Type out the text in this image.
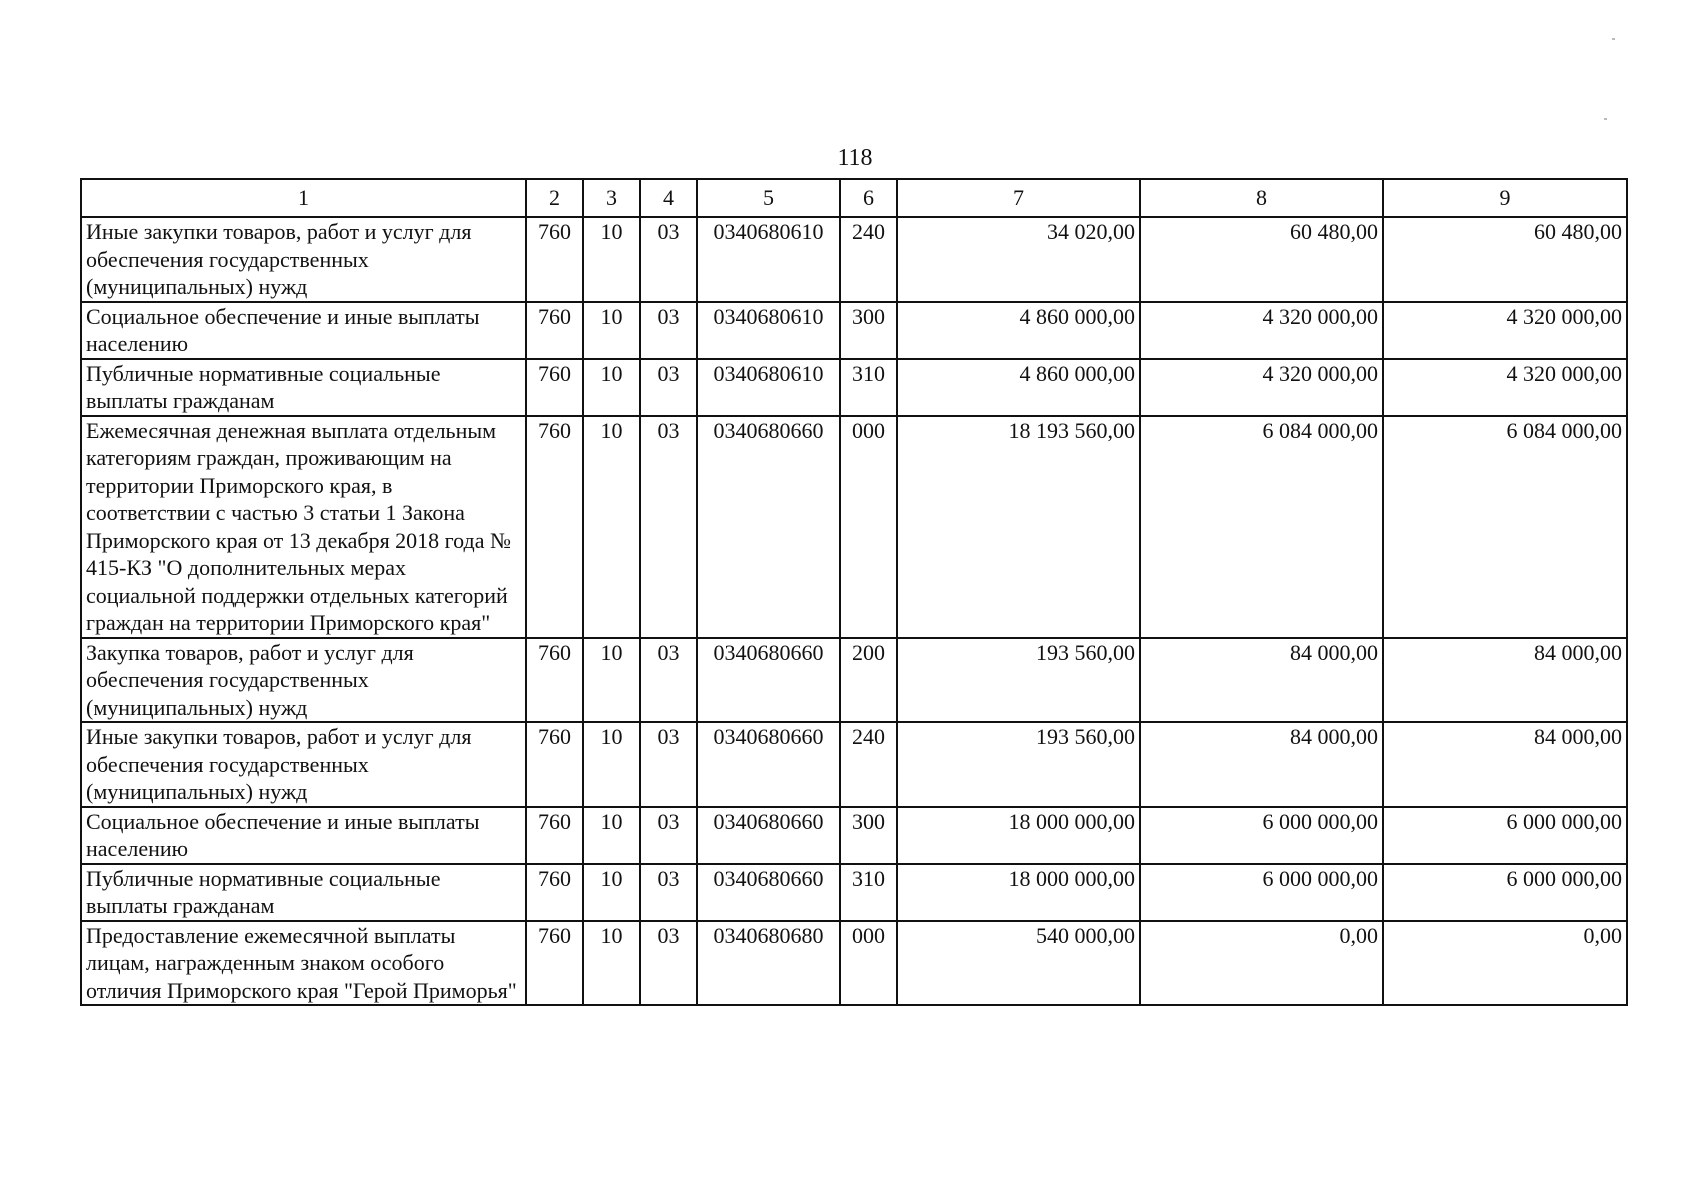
118
1	2	3	4	5	6	7	8	9
Иные закупки товаров, работ и услуг для обеспечения государственных (муниципальных) нужд	760	10	03	0340680610	240	34 020,00	60 480,00	60 480,00
Социальное обеспечение и иные выплаты населению	760	10	03	0340680610	300	4 860 000,00	4 320 000,00	4 320 000,00
Публичные нормативные социальные выплаты гражданам	760	10	03	0340680610	310	4 860 000,00	4 320 000,00	4 320 000,00
Ежемесячная денежная выплата отдельным категориям граждан, проживающим на территории Приморского края, в соответствии с частью 3 статьи 1 Закона Приморского края от 13 декабря 2018 года № 415-КЗ "О дополнительных мерах социальной поддержки отдельных категорий граждан на территории Приморского края"	760	10	03	0340680660	000	18 193 560,00	6 084 000,00	6 084 000,00
Закупка товаров, работ и услуг для обеспечения государственных (муниципальных) нужд	760	10	03	0340680660	200	193 560,00	84 000,00	84 000,00
Иные закупки товаров, работ и услуг для обеспечения государственных (муниципальных) нужд	760	10	03	0340680660	240	193 560,00	84 000,00	84 000,00
Социальное обеспечение и иные выплаты населению	760	10	03	0340680660	300	18 000 000,00	6 000 000,00	6 000 000,00
Публичные нормативные социальные выплаты гражданам	760	10	03	0340680660	310	18 000 000,00	6 000 000,00	6 000 000,00
Предоставление ежемесячной выплаты лицам, награжденным знаком особого отличия Приморского края "Герой Приморья"	760	10	03	0340680680	000	540 000,00	0,00	0,00
